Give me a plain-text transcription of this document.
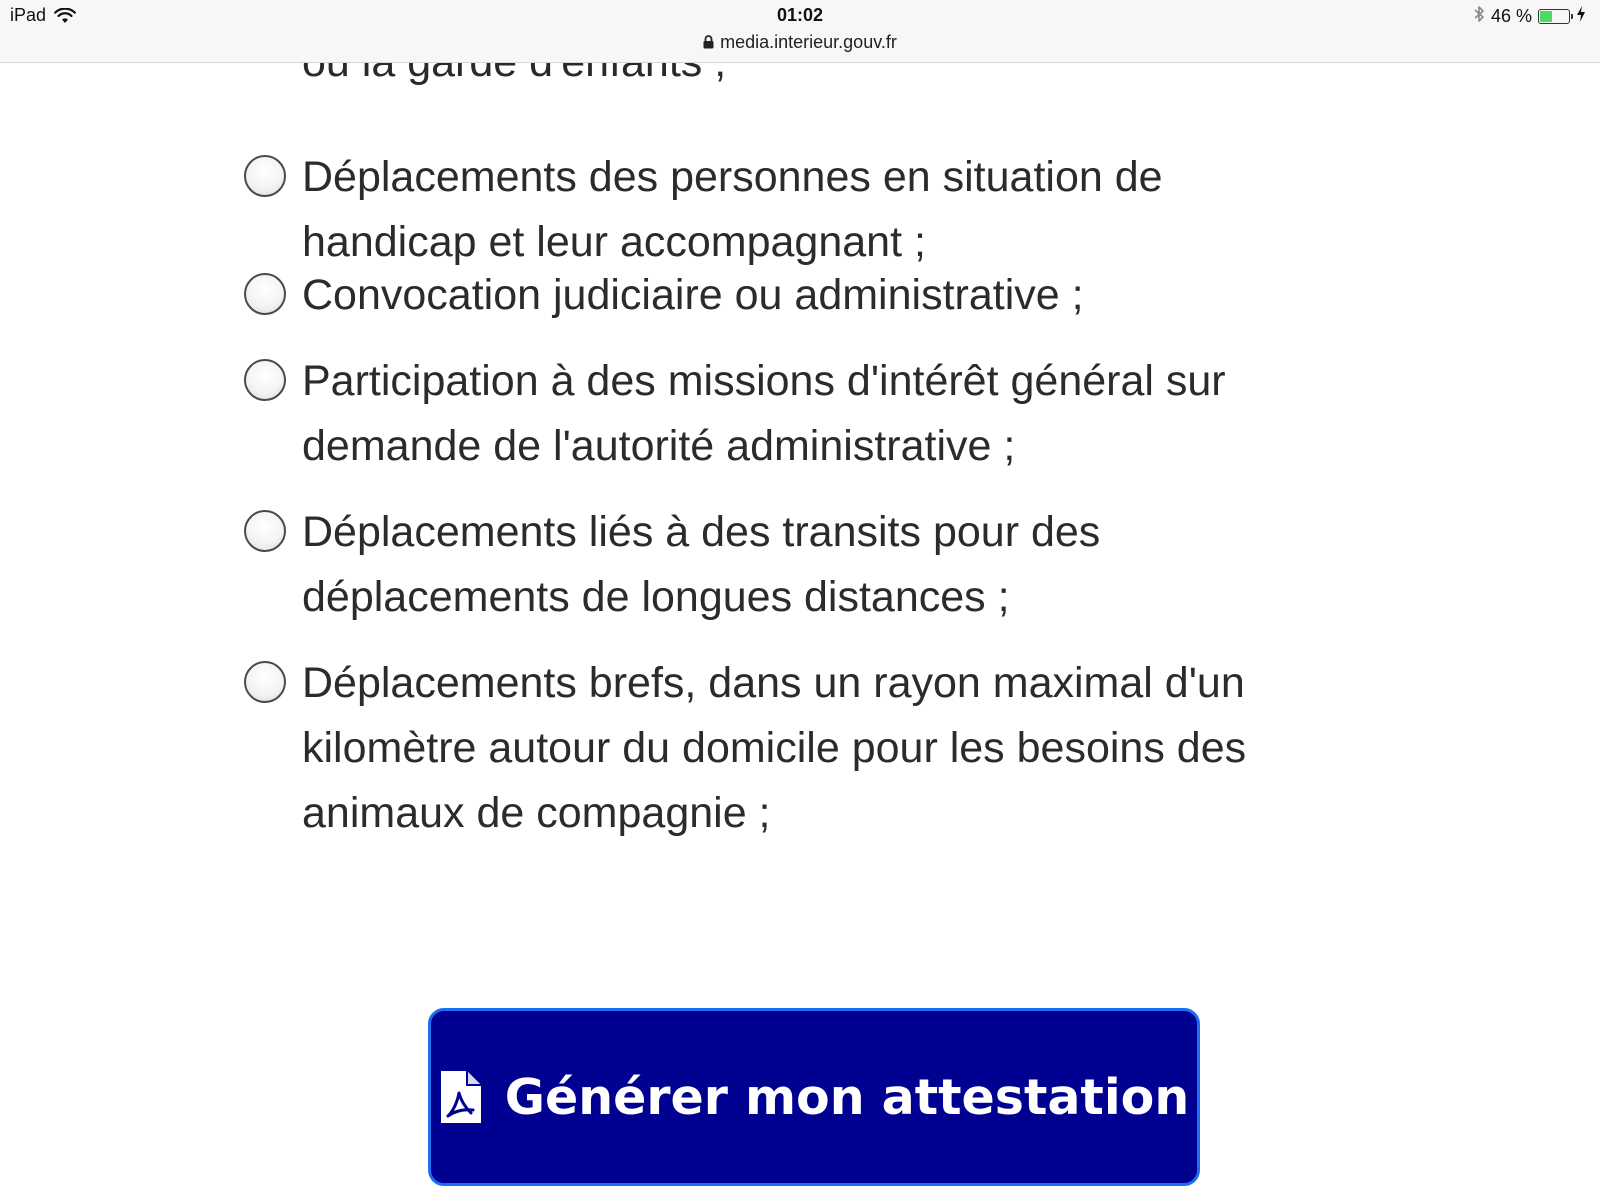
Déplacements des personnes en situation de handicap et leur accompagnant ;
Convocation judiciaire ou administrative ;
Participation à des missions d'intérêt général sur demande de l'autorité administrative ;
Déplacements liés à des transits pour des déplacements de longues distances ;
Déplacements brefs, dans un rayon maximal d'un kilomètre autour du domicile pour les besoins des animaux de compagnie ;
Générer mon attestation
iPad	01:02
media.interieur.gouv.fr
46 %
